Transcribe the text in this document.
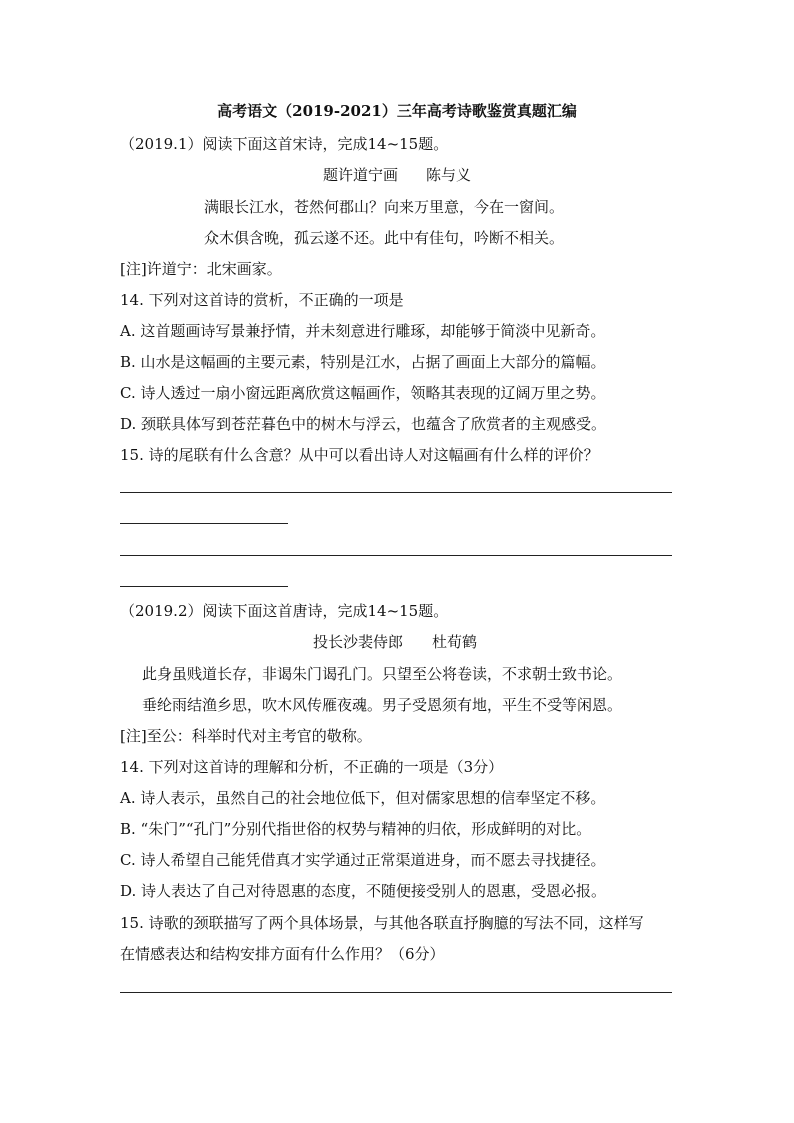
高考语文（2019-2021）三年高考诗歌鉴赏真题汇编
（2019.1）阅读下面这首宋诗，完成14~15题。
题许道宁画 陈与义
满眼长江水，苍然何郡山？向来万里意，今在一窗间。
众木俱含晚，孤云遂不还。此中有佳句，吟断不相关。
[注]许道宁：北宋画家。
14. 下列对这首诗的赏析，不正确的一项是
A. 这首题画诗写景兼抒情，并未刻意进行雕琢，却能够于简淡中见新奇。
B. 山水是这幅画的主要元素，特别是江水，占据了画面上大部分的篇幅。
C. 诗人透过一扇小窗远距离欣赏这幅画作，领略其表现的辽阔万里之势。
D. 颈联具体写到苍茫暮色中的树木与浮云，也蕴含了欣赏者的主观感受。
15. 诗的尾联有什么含意？从中可以看出诗人对这幅画有什么样的评价？
（2019.2）阅读下面这首唐诗，完成14~15题。
投长沙裴侍郎 杜荀鹤
此身虽贱道长存，非谒朱门谒孔门。只望至公将卷读，不求朝士致书论。
垂纶雨结渔乡思，吹木风传雁夜魂。男子受恩须有地，平生不受等闲恩。
[注]至公：科举时代对主考官的敬称。
14. 下列对这首诗的理解和分析，不正确的一项是（3分）
A. 诗人表示，虽然自己的社会地位低下，但对儒家思想的信奉坚定不移。
B. “朱门”“孔门”分别代指世俗的权势与精神的归依，形成鲜明的对比。
C. 诗人希望自己能凭借真才实学通过正常渠道进身，而不愿去寻找捷径。
D. 诗人表达了自己对待恩惠的态度，不随便接受别人的恩惠，受恩必报。
15. 诗歌的颈联描写了两个具体场景，与其他各联直抒胸臆的写法不同，这样写
在情感表达和结构安排方面有什么作用？（6分）
